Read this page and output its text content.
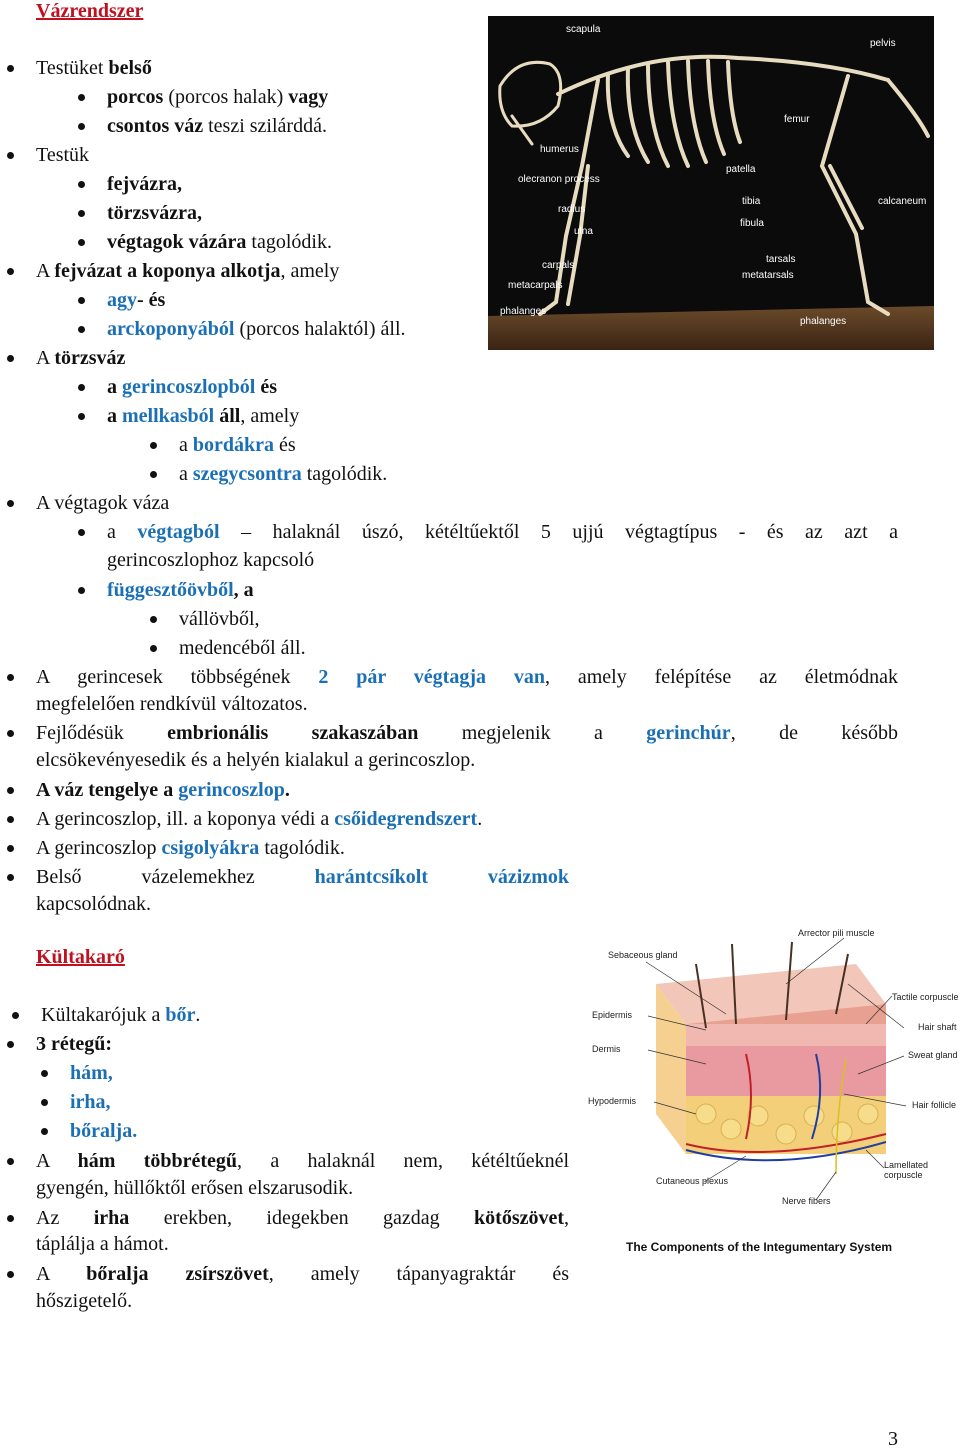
Vázrendszer
Testüket belső
porcos (porcos halak) vagy
csontos váz teszi szilárddá.
Testük
fejvázra,
törzsvázra,
végtagok vázára tagolódik.
A fejvázat a koponya alkotja, amely
agy- és
arckoponyából (porcos halaktól) áll.
A törzsváz
a gerincoszlopból és
a mellkasból áll, amely
a bordákra és
a szegycsontra tagolódik.
A végtagok váza
a végtagból – halaknál úszó, kétéltűektől 5 ujjú végtagtípus - és az azt a
gerincoszlophoz kapcsoló
függesztőövből, a
vállövből,
medencéből áll.
A gerincesek többségének 2 pár végtagja van, amely felépítése az életmódnak
megfelelően rendkívül változatos.
Fejlődésük embrionális szakaszában megjelenik a gerinchúr, de később
elcsökevényesedik és a helyén kialakul a gerincoszlop.
A váz tengelye a gerincoszlop.
A gerincoszlop, ill. a koponya védi a csőidegrendszert.
A gerincoszlop csigolyákra tagolódik.
Belső vázelemekhez harántcsíkolt vázizmok
kapcsolódnak.
scapula
pelvis
femur
humerus
olecranon process
patella
radius
tibia	calcaneum
fibula
ulna
tarsals
carpals
metatarsals
metacarpals
phalanges
phalanges
Kültakaró
Kültakarójuk a bőr.
3 rétegű:
hám,
irha,
bőralja.
A hám többrétegű, a halaknál nem, kétéltűeknél
gyengén, hüllőktől erősen elszarusodik.
Az irha erekben, idegekben gazdag kötőszövet,
táplálja a hámot.
A bőralja zsírszövet, amely tápanyagraktár és
hőszigetelő.
Arrector pili muscle
Sebaceous gland
Tactile corpuscle
Epidermis
Hair shaft
Dermis
Sweat gland
Hypodermis	Hair follicle
Lamellated corpuscle
Cutaneous plexus
Nerve fibers
The Components of the Integumentary System
3
